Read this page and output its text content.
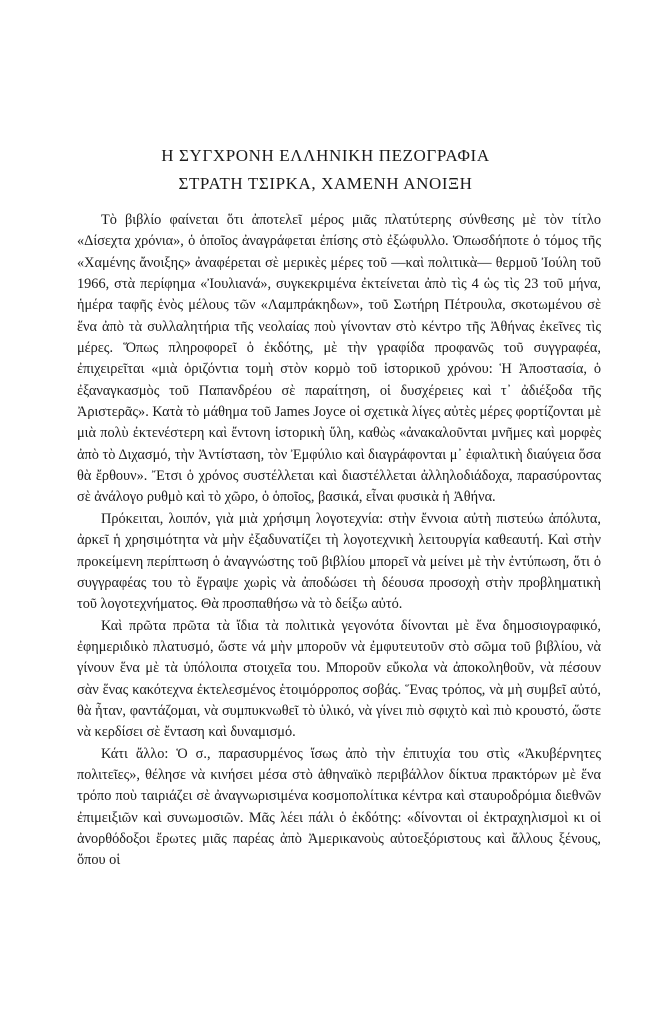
Η ΣΥΓΧΡΟΝΗ ΕΛΛΗΝΙΚΗ ΠΕΖΟΓΡΑΦΙΑ
ΣΤΡΑΤΗ ΤΣΙΡΚΑ, ΧΑΜΕΝΗ ΑΝΟΙΞΗ

Τὸ βιβλίο φαίνεται ὅτι ἀποτελεῖ μέρος μιᾶς πλατύτερης σύνθεσης μὲ τὸν τίτλο «Δίσεχτα χρόνια», ὁ ὁποῖος ἀναγράφεται ἐπίσης στὸ ἐξώφυλλο. Ὁπωσδήποτε ὁ τόμος τῆς «Χαμένης ἄνοιξης» ἀναφέρεται σὲ μερικὲς μέρες τοῦ —καὶ πολιτικὰ— θερμοῦ Ἰούλη τοῦ 1966, στὰ περίφημα «Ἰουλιανά», συγκεκριμένα ἐκτείνεται ἀπὸ τὶς 4 ὡς τὶς 23 τοῦ μήνα, ἡμέρα ταφῆς ἑνὸς μέλους τῶν «Λαμπράκηδων», τοῦ Σωτήρη Πέτρουλα, σκοτωμένου σὲ ἕνα ἀπὸ τὰ συλλαλητήρια τῆς νεολαίας ποὺ γίνονταν στὸ κέντρο τῆς Ἀθήνας ἐκεῖνες τὶς μέρες. Ὅπως πληροφορεῖ ὁ ἐκδότης, μὲ τὴν γραφίδα προφανῶς τοῦ συγγραφέα, ἐπιχειρεῖται «μιὰ ὁριζόντια τομὴ στὸν κορμὸ τοῦ ἱστορικοῦ χρόνου: Ἡ Ἀποστασία, ὁ ἐξαναγκασμὸς τοῦ Παπανδρέου σὲ παραίτηση, οἱ δυσχέρειες καὶ τ᾿ ἀδιέξοδα τῆς Ἀριστερᾶς». Κατὰ τὸ μάθημα τοῦ James Joyce οἱ σχετικὰ λίγες αὐτὲς μέρες φορτίζονται μὲ μιὰ πολὺ ἐκτενέστερη καὶ ἔντονη ἱστορικὴ ὕλη, καθὼς «ἀνακαλοῦνται μνῆμες καὶ μορφὲς ἀπὸ τὸ Διχασμό, τὴν Ἀντίσταση, τὸν Ἐμφύλιο καὶ διαγράφονται μ᾿ ἐφιαλτικὴ διαύγεια ὅσα θὰ ἔρθουν». Ἔτσι ὁ χρόνος συστέλλεται καὶ διαστέλλεται ἀλληλοδιάδοχα, παρασύροντας σὲ ἀνάλογο ρυθμὸ καὶ τὸ χῶρο, ὁ ὁποῖος, βασικά, εἶναι φυσικὰ ἡ Ἀθήνα.

Πρόκειται, λοιπόν, γιὰ μιὰ χρήσιμη λογοτεχνία: στὴν ἔννοια αὐτὴ πιστεύω ἀπόλυτα, ἀρκεῖ ἡ χρησιμότητα νὰ μὴν ἐξαδυνατίζει τὴ λογοτεχνικὴ λειτουργία καθεαυτή. Καὶ στὴν προκείμενη περίπτωση ὁ ἀναγνώστης τοῦ βιβλίου μπορεῖ νὰ μείνει μὲ τὴν ἐντύπωση, ὅτι ὁ συγγραφέας του τὸ ἔγραψε χωρὶς νὰ ἀποδώσει τὴ δέουσα προσοχὴ στὴν προβληματικὴ τοῦ λογοτεχνήματος. Θὰ προσπαθήσω νὰ τὸ δείξω αὐτό.

Καὶ πρῶτα πρῶτα τὰ ἴδια τὰ πολιτικὰ γεγονότα δίνονται μὲ ἕνα δημοσιογραφικό, ἐφημεριδικὸ πλατυσμό, ὥστε νά μὴν μποροῦν νὰ ἐμφυτευτοῦν στὸ σῶμα τοῦ βιβλίου, νὰ γίνουν ἕνα μὲ τὰ ὑπόλοιπα στοιχεῖα του. Μποροῦν εὔκολα νὰ ἀποκοληθοῦν, νὰ πέσουν σὰν ἕνας κακότεχνα ἐκτελεσμένος ἑτοιμόρροπος σοβάς. Ἕνας τρόπος, νὰ μὴ συμβεῖ αὐτό, θὰ ἦταν, φαντάζομαι, νὰ συμπυκνωθεῖ τὸ ὑλικό, νὰ γίνει πιὸ σφιχτὸ καὶ πιὸ κρουστό, ὥστε νὰ κερδίσει σὲ ἔνταση καὶ δυναμισμό.

Κάτι ἄλλο: Ὁ σ., παρασυρμένος ἴσως ἀπὸ τὴν ἐπιτυχία του στὶς «Ἀκυβέρνητες πολιτεῖες», θέλησε νὰ κινήσει μέσα στὸ ἀθηναϊκὸ περιβάλλον δίκτυα πρακτόρων μὲ ἕνα τρόπο ποὺ ταιριάζει σὲ ἀναγνωρισιμένα κοσμοπολίτικα κέντρα καὶ σταυροδρόμια διεθνῶν ἐπιμειξιῶν καὶ συνωμοσιῶν. Μᾶς λέει πάλι ὁ ἐκδότης: «δίνονται οἱ ἐκτραχηλισμοὶ κι οἱ ἀνορθόδοξοι ἔρωτες μιᾶς παρέας ἀπὸ Ἀμερικανοὺς αὐτοεξόριστους καὶ ἄλλους ξένους, ὅπου οἱ
